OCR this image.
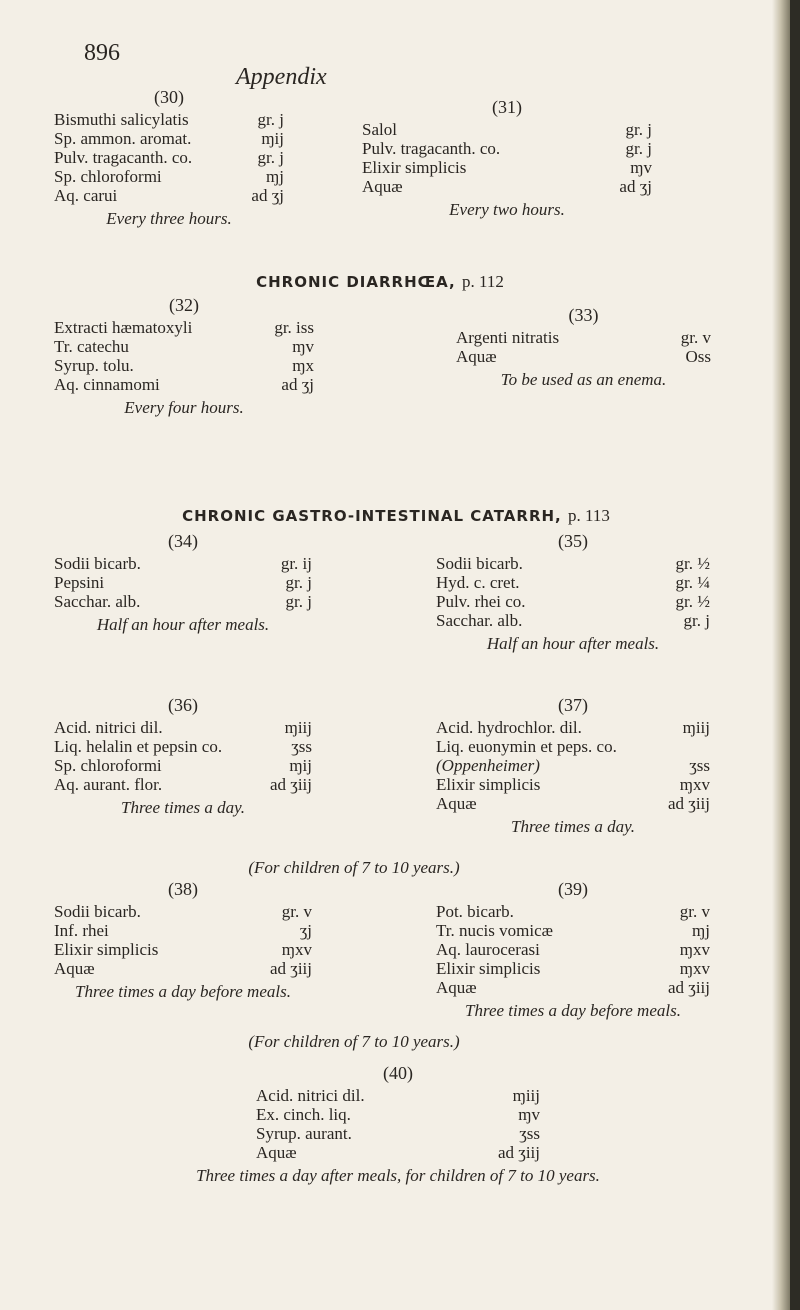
896
Appendix
(30)
Bismuthi salicylatis	gr. j
Sp. ammon. aromat.	ɱij
Pulv. tragacanth. co.	gr. j
Sp. chloroformi	ɱj
Aq. carui	ad ʒj
Every three hours.
(31)
Salol	gr. j
Pulv. tragacanth. co.	gr. j
Elixir simplicis	ɱv
Aquæ	ad ʒj
Every two hours.
CHRONIC DIARRHŒA, p. 112
(32)
Extracti hæmatoxyli	gr. iss
Tr. catechu	ɱv
Syrup. tolu.	ɱx
Aq. cinnamomi	ad ʒj
Every four hours.
(33)
Argenti nitratis	gr. v
Aquæ	Oss
To be used as an enema.
CHRONIC GASTRO-INTESTINAL CATARRH, p. 113
(34)
Sodii bicarb.	gr. ij
Pepsini	gr. j
Sacchar. alb.	gr. j
Half an hour after meals.
(35)
Sodii bicarb.	gr. ½
Hyd. c. cret.	gr. ¼
Pulv. rhei co.	gr. ½
Sacchar. alb.	gr. j
Half an hour after meals.
(36)
Acid. nitrici dil.	ɱiij
Liq. helalin et pepsin co.	ʒss
Sp. chloroformi	ɱij
Aq. aurant. flor.	ad ʒiij
Three times a day.
(37)
Acid. hydrochlor. dil.	ɱiij
Liq. euonymin et peps. co.
(Oppenheimer)	ʒss
Elixir simplicis	ɱxv
Aquæ	ad ʒiij
Three times a day.
(For children of 7 to 10 years.)
(38)
Sodii bicarb.	gr. v
Inf. rhei	ʒj
Elixir simplicis	ɱxv
Aquæ	ad ʒiij
Three times a day before meals.
(39)
Pot. bicarb.	gr. v
Tr. nucis vomicæ	ɱj
Aq. laurocerasi	ɱxv
Elixir simplicis	ɱxv
Aquæ	ad ʒiij
Three times a day before meals.
(For children of 7 to 10 years.)
(40)
Acid. nitrici dil.	ɱiij
Ex. cinch. liq.	ɱv
Syrup. aurant.	ʒss
Aquæ	ad ʒiij
Three times a day after meals, for children of 7 to 10 years.
